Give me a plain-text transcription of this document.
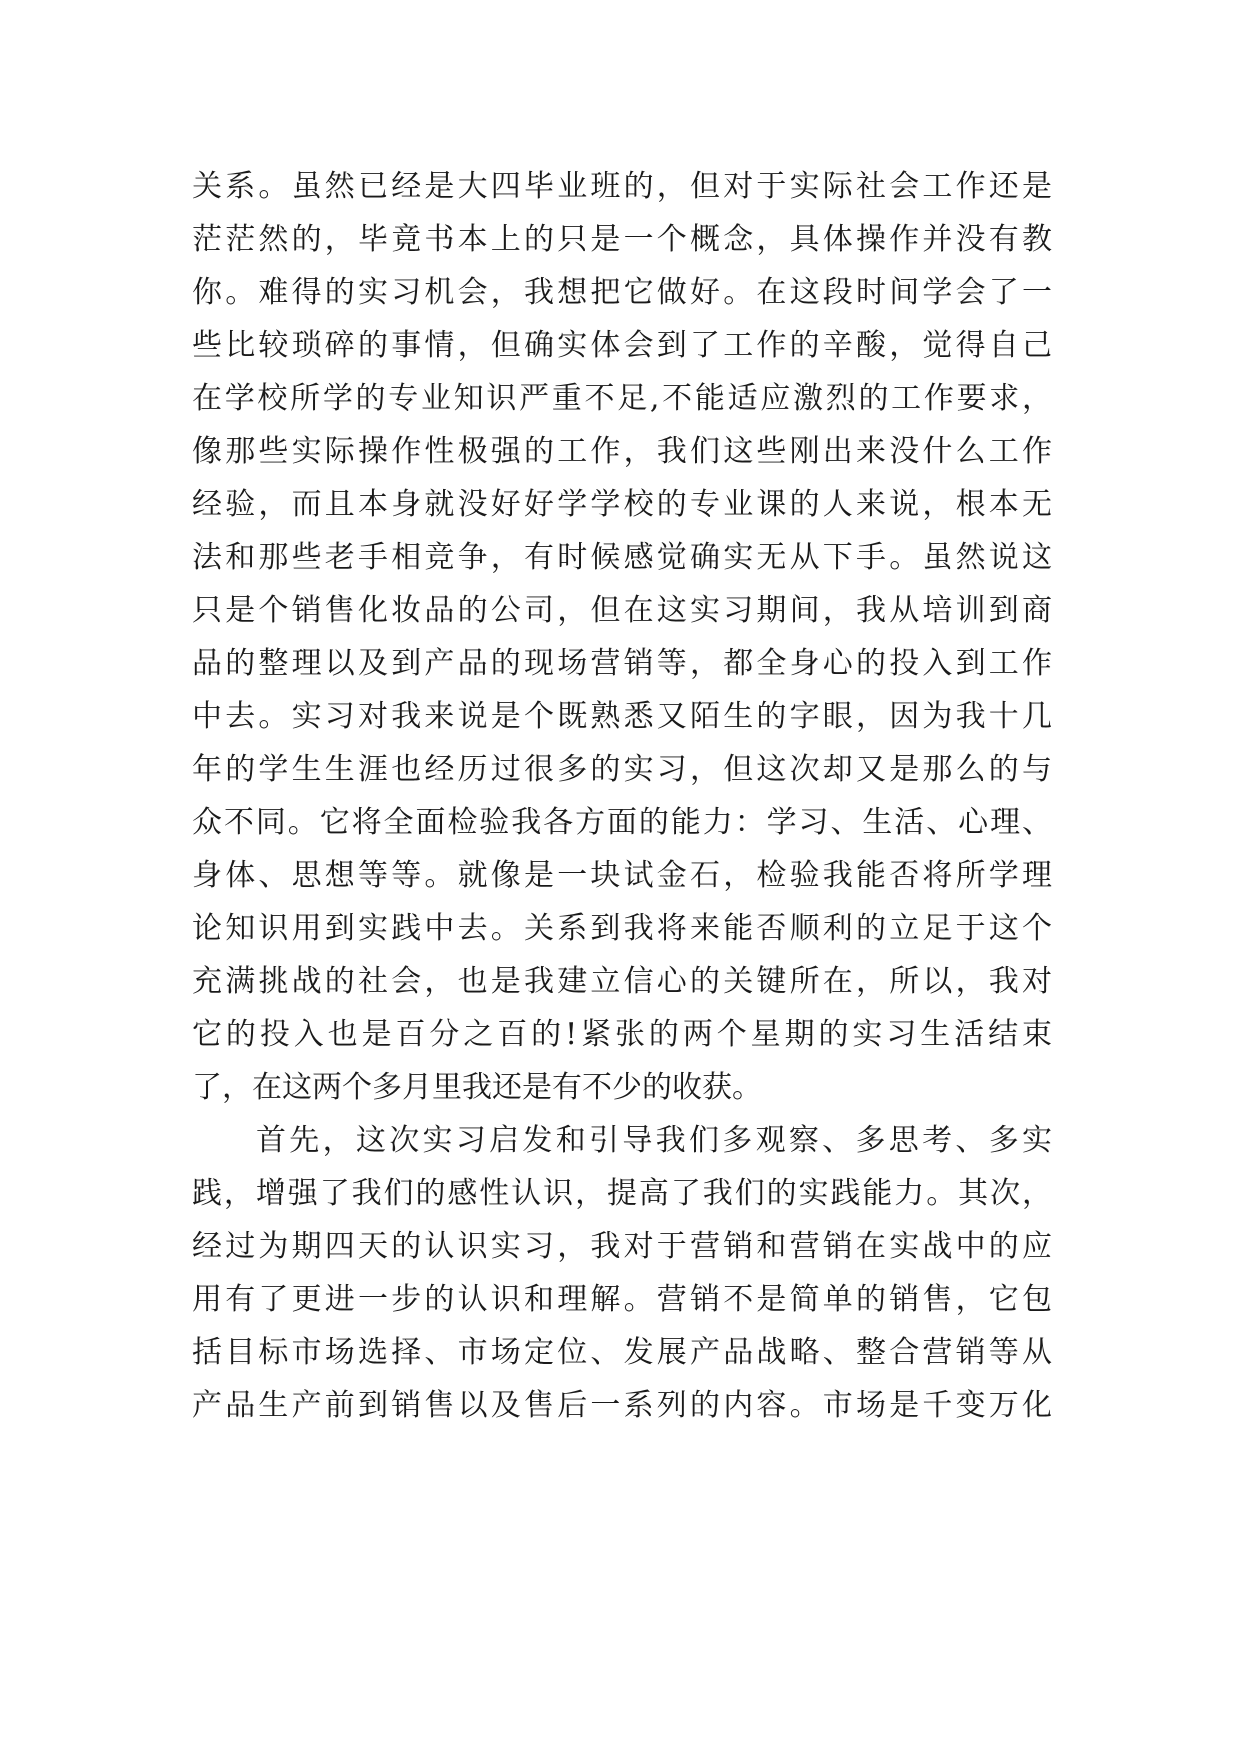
关系。虽然已经是大四毕业班的，但对于实际社会工作还是
茫茫然的，毕竟书本上的只是一个概念，具体操作并没有教
你。难得的实习机会，我想把它做好。在这段时间学会了一
些比较琐碎的事情，但确实体会到了工作的辛酸，觉得自己
在学校所学的专业知识严重不足,不能适应激烈的工作要求，
像那些实际操作性极强的工作，我们这些刚出来没什么工作
经验，而且本身就没好好学学校的专业课的人来说，根本无
法和那些老手相竞争，有时候感觉确实无从下手。虽然说这
只是个销售化妆品的公司，但在这实习期间，我从培训到商
品的整理以及到产品的现场营销等，都全身心的投入到工作
中去。实习对我来说是个既熟悉又陌生的字眼，因为我十几
年的学生生涯也经历过很多的实习，但这次却又是那么的与
众不同。它将全面检验我各方面的能力：学习、生活、心理、
身体、思想等等。就像是一块试金石，检验我能否将所学理
论知识用到实践中去。关系到我将来能否顺利的立足于这个
充满挑战的社会，也是我建立信心的关键所在，所以，我对
它的投入也是百分之百的!紧张的两个星期的实习生活结束
了，在这两个多月里我还是有不少的收获。
首先，这次实习启发和引导我们多观察、多思考、多实
践，增强了我们的感性认识，提高了我们的实践能力。其次，
经过为期四天的认识实习，我对于营销和营销在实战中的应
用有了更进一步的认识和理解。营销不是简单的销售，它包
括目标市场选择、市场定位、发展产品战略、整合营销等从
产品生产前到销售以及售后一系列的内容。市场是千变万化
